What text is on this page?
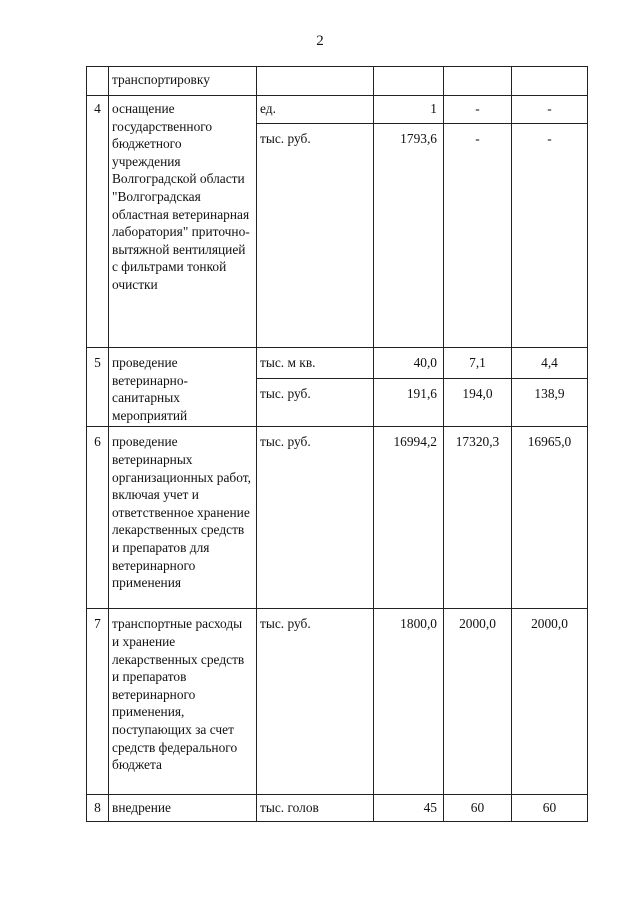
2
	транспортировку				
4	оснащение государственного бюджетного учреждения Волгоградской области "Волгоградская областная ветеринарная лаборатория" приточно-вытяжной вентиляцией с фильтрами тонкой очистки	ед.	1	-	-
		тыс. руб.	1793,6	-	-
5	проведение ветеринарно-санитарных мероприятий	тыс. м кв.	40,0	7,1	4,4
		тыс. руб.	191,6	194,0	138,9
6	проведение ветеринарных организационных работ, включая учет и ответственное хранение лекарственных средств и препаратов для ветеринарного применения	тыс. руб.	16994,2	17320,3	16965,0
7	транспортные расходы и хранение лекарственных средств и препаратов ветеринарного применения, поступающих за счет средств федерального бюджета	тыс. руб.	1800,0	2000,0	2000,0
8	внедрение	тыс. голов	45	60	60
